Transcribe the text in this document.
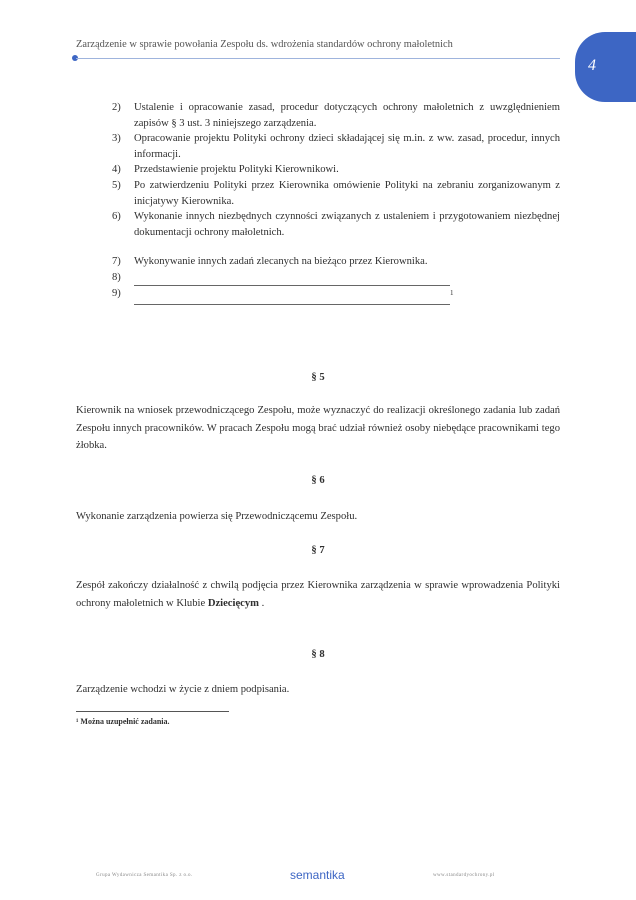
Zarządzenie w sprawie powołania Zespołu ds. wdrożenia standardów ochrony małoletnich
4
2)	Ustalenie i opracowanie zasad, procedur dotyczących ochrony małoletnich z uwzględnieniem zapisów § 3 ust. 3 niniejszego zarządzenia.
3)	Opracowanie projektu Polityki ochrony dzieci składającej się m.in. z ww. zasad, procedur, innych informacji.
4)	Przedstawienie projektu Polityki Kierownikowi.
5)	Po zatwierdzeniu Polityki przez Kierownika omówienie Polityki na zebraniu zorganizowanym z inicjatywy Kierownika.
6)	Wykonanie innych niezbędnych czynności związanych z ustaleniem i przygotowaniem niezbędnej dokumentacji ochrony małoletnich.
7)	Wykonywanie innych zadań zlecanych na bieżąco przez Kierownika.
8)
9)	$^1$
§ 5
Kierownik na wniosek przewodniczącego Zespołu, może wyznaczyć do realizacji określonego zadania lub zadań Zespołu innych pracowników. W pracach Zespołu mogą brać udział również osoby niebędące pracownikami tego żłobka.
§ 6
Wykonanie zarządzenia powierza się Przewodniczącemu Zespołu.
§ 7
Zespół zakończy działalność z chwilą podjęcia przez Kierownika zarządzenia w sprawie wprowadzenia Polityki ochrony małoletnich w Klubie Dziecięcym .
§ 8
Zarządzenie wchodzi w życie z dniem podpisania.
¹ Można uzupełnić zadania.
Grupa Wydawnicza Semantika Sp. z o.o.	semantika	www.standardyochrony.pl
